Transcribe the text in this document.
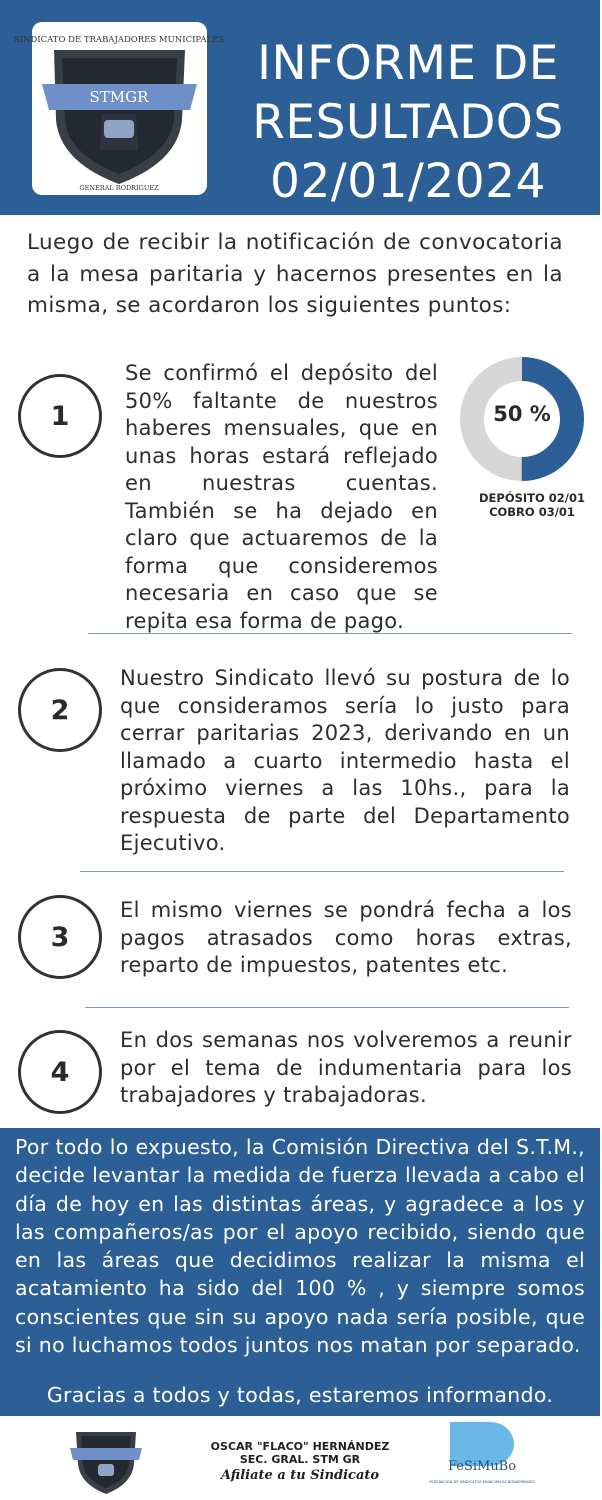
SINDICATO DE TRABAJADORES MUNICIPALES
STMGR
GENERAL RODRIGUEZ
INFORME DE
RESULTADOS
02/01/2024

Luego de recibir la notificación de convocatoria a la mesa paritaria y hacernos presentes en la misma, se acordaron los siguientes puntos:

1

Se confirmó el depósito del 50% faltante de nuestros haberes mensuales, que en unas horas estará reflejado en nuestras cuentas. También se ha dejado en claro que actuaremos de la forma que consideremos necesaria en caso que se repita esa forma de pago.

50 %
DEPÓSITO 02/01
COBRO 03/01
2

Nuestro Sindicato llevó su postura de lo que consideramos sería lo justo para cerrar paritarias 2023, derivando en un llamado a cuarto intermedio hasta el próximo viernes a las 10hs., para la respuesta de parte del Departamento Ejecutivo.

3

El mismo viernes se pondrá fecha a los pagos atrasados como horas extras, reparto de impuestos, patentes etc.

4

En dos semanas nos volveremos a reunir por el tema de indumentaria para los trabajadores y trabajadoras.

Por todo lo expuesto, la Comisión Directiva del S.T.M., decide levantar la medida de fuerza llevada a cabo el día de hoy en las distintas áreas, y agradece a los y las compañeros/as por el apoyo recibido, siendo que en las áreas que decidimos realizar la misma el acatamiento ha sido del 100 % , y siempre somos conscientes que sin su apoyo nada sería posible, que si no luchamos todos juntos nos matan por separado.

Gracias a todos y todas, estaremos informando.
OSCAR "FLACO" HERNÁNDEZ
SEC. GRAL. STM GR
Afiliate a tu Sindicato
FeSiMuBo
FEDERACION DE SINDICATOS MUNICIPALES BONAERENSES
